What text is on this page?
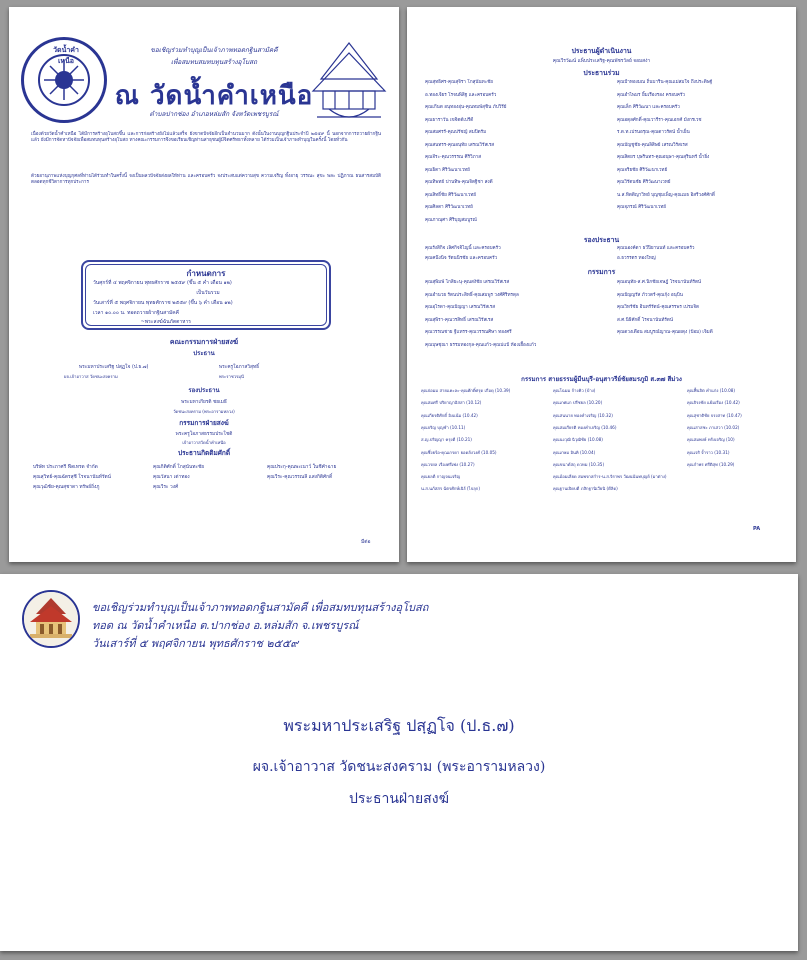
ขอเชิญร่วมทำบุญเป็นเจ้าภาพทอดกฐินสามัคคี
เพื่อสมทบสมทบทุนสร้างอุโบสถ
วัดน้ำคำเหนือ
ณ วัดน้ำคำเหนือ
ตำบลปากช่อง อำเภอหล่มสัก จังหวัดเพชรบูรณ์
เนื่องด้วยวัดน้ำคำเหนือ ได้มีการสร้างอุโบสถขึ้น และการก่อสร้างยังไม่แล้วเสร็จ ยังขาดปัจจัยอีกเป็นจำนวนมาก ดังนั้นในงานบุญกฐินประจำปี ๒๕๕๙ นี้ นอกจากการถวายผ้ากฐินแล้ว ยังมีการจัดหาปัจจัยเพื่อสมทบทุนสร้างอุโบสถ ทางคณะกรรมการจึงขอเรียนเชิญท่านสาธุชนผู้มีจิตศรัทธาทั้งหลาย ได้ร่วมเป็นเจ้าภาพทำบุญในครั้งนี้ โดยทั่วกัน
ด้วยอานุภาพแห่งบุญกุศลที่ท่านได้ร่วมทำในครั้งนี้ จงเป็นพลวปัจจัยส่งผลให้ท่าน และครอบครัว จงประสบแต่ความสุข ความเจริญ ทั้งอายุ วรรณะ สุขะ พละ ปฏิภาณ ธนสารสมบัติ ตลอดทุกชีวิตาการทุกประการ
กำหนดการ
วันศุกร์ที่ ๔ พฤศจิกายน พุทธศักราช ๒๕๕๙ (ขึ้น ๕ ค่ำ เดือน ๑๒)
เป็นวันรวม
วันเสาร์ที่ ๕ พฤศจิกายน พุทธศักราช ๒๕๕๙ (ขึ้น ๖ ค่ำ เดือน ๑๒)
เวลา ๑๐.๐๐ น. ทอดถวายผ้ากฐินสามัคคี
~พระสงฆ์ฉันภัตตาหาร
คณะกรรมการฝ่ายสงฆ์
ประธาน
พระมหาประเสริฐ ปสฺฏโจ (ป.ธ.๗)	พระครูโอภาสวิสุทธิ์
ผจ.เจ้าอาวาส วัดชนะสงคราม	พระราชวรมุนี
รองประธาน
พระมหาเกียรติ ชยเมธี
วัดชนะสงคราม (พระอารามหลวง)
กรรมการฝ่ายสงฆ์
พระครูโอภาสธรรมประโชติ
เจ้าอาวาสวัดน้ำคำเหนือ
ประธานกิตติมศักดิ์
บริษัท ประภาศรี ฟีดเทรด จำกัด	คุณกิติศักดิ์ โกสุนันทะชัย	คุณประกุ-คุณพะเนาว์ ในชีคำฉาย
คุณสุวิทย์-คุณฉัตรสุชี โรจนานันท์รัตน์	คุณวัสนา เต่าทอง	คุณวีระ-คุณวรรณลี แสงกิติศักดิ์
คุณวุฒิชัย-คุณสุชาดา ทรัพย์ถิ่งภู	คุณวีระ วงศ์
มีต่อ
ประธานผู้ดำเนินงาน
คุณวีรวัฒน์ แพ็บประเสริฐ-คุณพัชรวัลย์ จอมสง่า
ประธานร่วม
คุณสุทธิศร-คุณสุจิรา โกสุนันทะชัย	คุณปำทองมณ ถิ่นบาริน-คุณแม่สมใจ ถึงประดิษฐ์
อ.ทองเจียร โรจนพิสิฐ และครอบครัว	คุณอำไพมร ยิ้มเรืองรอง ครอบครัว
คุณเกีนต อนุทองอุ่น-คุณทมพ์สุชิน ภัปวิรีย์	คุณเล็ก ศิริวัฒนา และครอบครัว
คุณธาราวัน เขจิตต์เปรีดี	คุณอดุลศักดิ์-คุณวารีรา-คุณเอกศ์ มังกรเวช
คุณสมศรร์-คุณปรัชญ์ สมปิตรัม	ร.ต.ท.เปรนอรุณ-คุณดาวรัตน์ น้ำเย็น
คุณสนทรร-คุณอนุทัย เสรณวิรัสเรส	คุณบัญชูชัย-คุณลิสิษย์ เสรณวิรัสเรส
คุณจีระ-คุณวรรรณ ศิริวิภาส	คุณสิตยร บุษรินทร-คุณอนุษา-คุณสุรินทร์ น้ำยิ่ง
คุณธิดา ศิริวัฒนาเวทย์	คุณจริยชัย ศิริวัฒนาเวทย์
คุณทิพทย์ ปานทิพ-คุณจิตฐิชา สงดี	คุณวิรัตนชัย ศิริวัฒนาเวทย์
คุณสิทธิ์ชัย ศิริวัฒนาเวทย์	น.ส.ทิตติญาวิทย์ บุญชุมเพ็ญ-คุณเมธ อิสรีวงศ์ศักดิ์
คุณศิลดา ศิริวัฒนาเวทย์	คุณจุภรณ์ ศิริวัฒนาเวทย์
คุณภาณุศา ศิริบุญสมบูรณ์
รองประธาน
คุณรังสิกิจ เลิศกิจจิไญนี้ และครอบครัว	คุณนองค์ดา ธวีปิยานนท์ และครอบครัว
คุณคนึงนิจ รัตนนิรชัย และครอบครัว	อ.ธวรรตร ทองใหญ่
กรรมการ
คุณสุพิมพ์ โกสิยะนุ-คุณสงัชัย เสรณวิรัสเรส	คุณอนุทัย-ส.ศ.นิกชัยเจษฎ์ โรจนานันท์รัตน์
คุณอำนวย รัตนประสิทธิ์-คุณสมพูร วงศ์ศิริทรดุล	คุณปัญญรัส ภัววตร์-คุณกุ้ง อนุบิน
คุณอุไรดา-คุณปัญญา เสรณวิรัสเรส	คุณวิทร์ชัย อินทร์รัตน์-คุณสรรพร เปรมจิต
คุณสุพิรา-คุณวรสิทธิ์ เสรณวิรัสเรส	ส.ศ.นิธิศักดิ์ โรจนานันท์รัตน์
คุณวรรณชาย ฐีแทรร-คุณวรรณศิษา ทองศรี	คุณดวงเดือน สมบูรณ์ญาณ-คุณผดุง (ป้อม) เจิมดี
คุณบุษชุณา ธรรมทองกุล-คุณแก้ว-คุณปแป้ ห้องเฮื้องแก้ว
กรรมการ สายธรรมผู้มีนบุรี-อนุสาวรีย์ชัยสมรภูมิ ส.๓๗ สีม่วง
คุณจ่อมม สายแคะละ-คุณศักดิ์ศรุด เกือดุ (10.39)	คุณโฉมม ก้างคิว (บ้าง)	คุณฟื้นจิต คำแก่ง (10.08)
คุณสมศรี ปริยาญาอิสสา (10.12)	คุณเกศแก ปรีชยล (10.20)	คุณจิรงชัย แย้มเรือง (10.42)
คุณเกียรติศักดิ์ อิงแน้ม (10.42)	คุณสนนาย ทองคำเจริญ (10.32)	คุณสุชาติชัย จรงสาท (10.47)
คุณจริญ บุญชำ (10.11)	คุณสมเกียรติ ทองคำเจริญ (10.46)	คุณเสาสชะ ภาเสวา (10.02)
ส.ญ.ปริญญา ครุงดี (10.21)	คุณนงวุฒิ ฉิวุฒิชัย (10.08)	คุณสมพงษ์ ทรังเจริญ (10)
คุณซึ่งยร้อ-คุณเกรดา ยอดลังวงศ์ (10.05)	คุณเกษม อินคิ (10.04)	คุณเจริ จ้ำราว (10.31)
คุณวรยล เรืองศรีเพ่ง (10.27)	คุณขนาดัสถุ ดวหม (10.35)	คุณกำพร ศรีติสุท (10.29)
คุณยลดี กาญจนเจริญ	คุณอ้อมเลียด สมพรกสกำร-น.ส.จิราพร วัฒนนันทบุญย์ (มาต่าง)
น.ส.นภัสสร ฉัตรศักษ์เนิร์ (ไจลุก)	คุณฐานเปิดบดี ภสิกฐานิเวียนิ (ดีลิด)
PA
ขอเชิญร่วมทำบุญเป็นเจ้าภาพทอดกฐินสามัคคี เพื่อสมทบทุนสร้างอุโบสถ
ทอด ณ วัดน้ำคำเหนือ ต.ปากช่อง อ.หล่มสัก จ.เพชรบูรณ์
วันเสาร์ที่ ๕ พฤศจิกายน พุทธศักราช ๒๕๕๙
พระมหาประเสริฐ ปสฺฏโจ (ป.ธ.๗)
ผจ.เจ้าอาวาส วัดชนะสงคราม (พระอารามหลวง)
ประธานฝ่ายสงฆ์
